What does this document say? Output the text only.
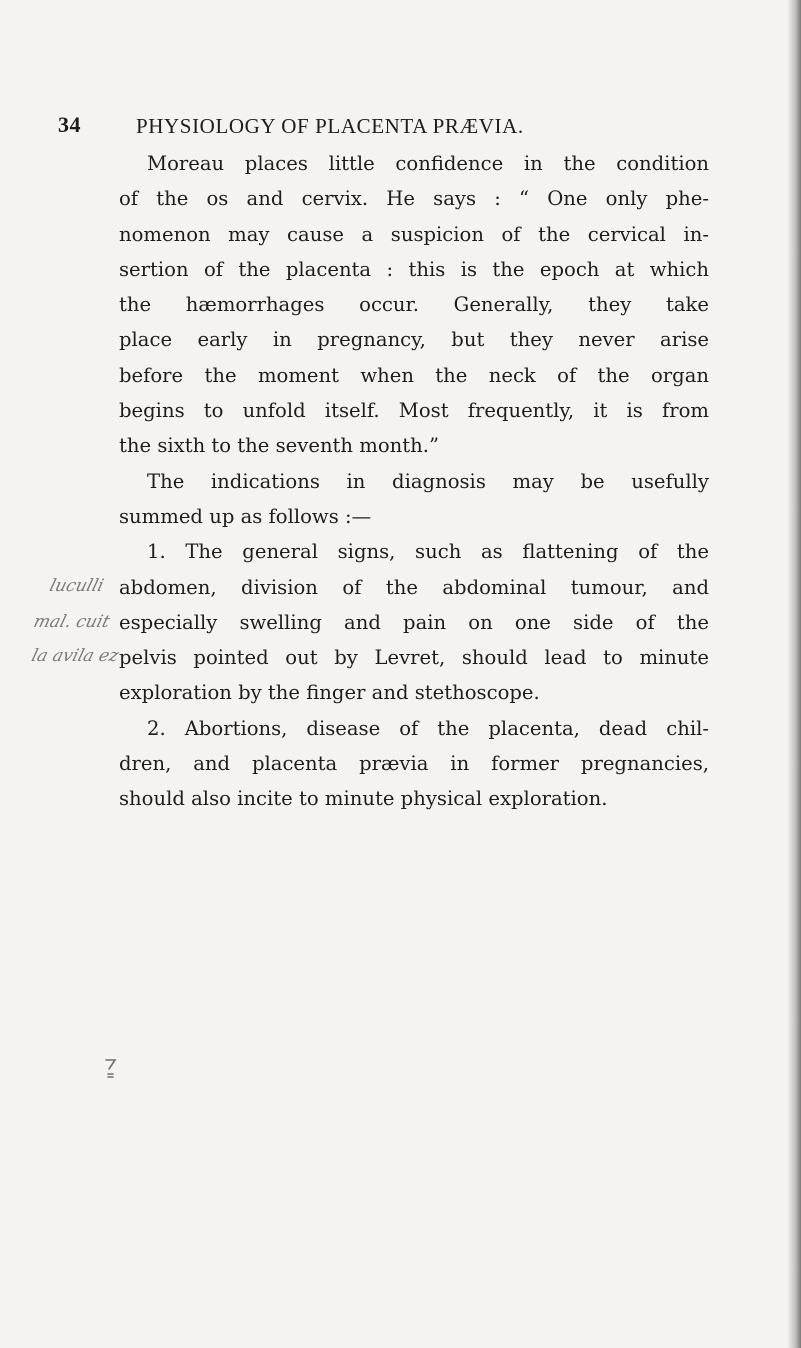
34	PHYSIOLOGY OF PLACENTA PRÆVIA.
Moreau places little confidence in the condition
of the os and cervix. He says : “ One only phe-
nomenon may cause a suspicion of the cervical in-
sertion of the placenta : this is the epoch at which
the hæmorrhages occur. Generally, they take
place early in pregnancy, but they never arise
before the moment when the neck of the organ
begins to unfold itself. Most frequently, it is from
the sixth to the seventh month.”
The indications in diagnosis may be usefully
summed up as follows :—
1. The general signs, such as flattening of the
abdomen, division of the abdominal tumour, and
especially swelling and pain on one side of the
pelvis pointed out by Levret, should lead to minute
exploration by the finger and stethoscope.
2. Abortions, disease of the placenta, dead chil-
dren, and placenta prævia in former pregnancies,
should also incite to minute physical exploration.
luculli
mal. cuit
la avila ez
